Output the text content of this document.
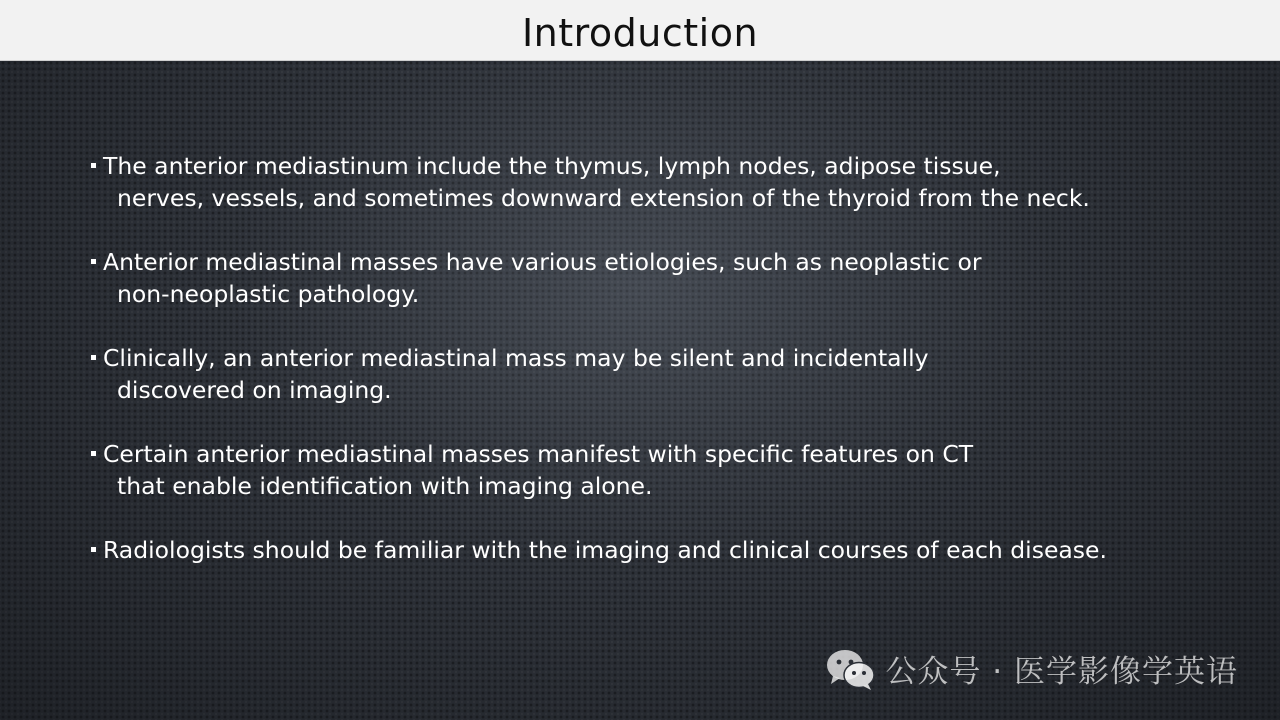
Introduction
The anterior mediastinum include the thymus, lymph nodes, adipose tissue,
nerves, vessels, and sometimes downward extension of the thyroid from the neck.
Anterior mediastinal masses have various etiologies, such as neoplastic or
non-neoplastic pathology.
Clinically, an anterior mediastinal mass may be silent and incidentally
discovered on imaging.
Certain anterior mediastinal masses manifest with specific features on CT
that enable identification with imaging alone.
Radiologists should be familiar with the imaging and clinical courses of each disease.
公众号 · 医学影像学英语
